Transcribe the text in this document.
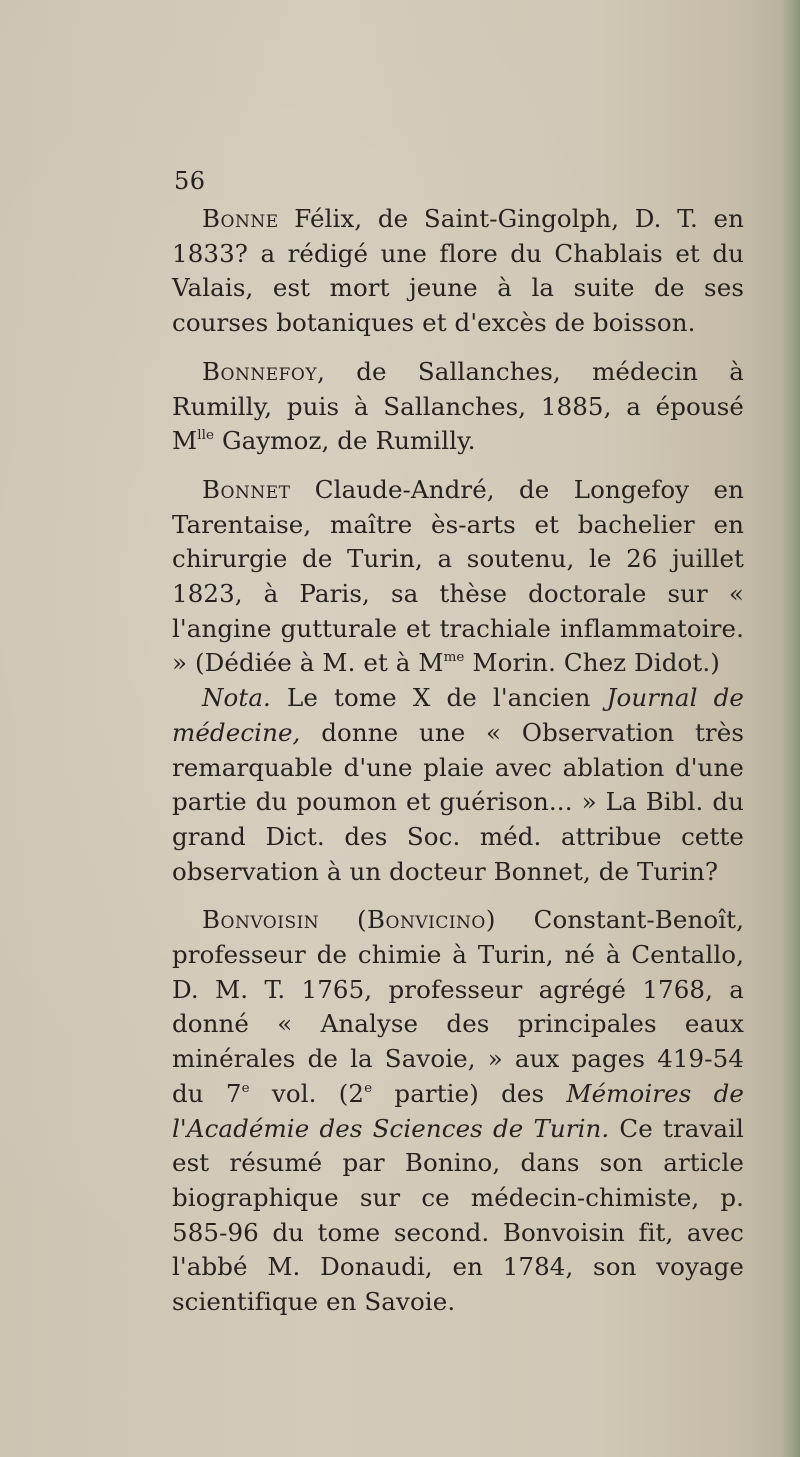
56

Bonne Félix, de Saint-Gingolph, D. T. en 1833? a rédigé une flore du Chablais et du Valais, est mort jeune à la suite de ses courses botaniques et d'excès de boisson.

Bonnefoy, de Sallanches, médecin à Rumilly, puis à Sallanches, 1885, a épousé $M^{lle}$ Gaymoz, de Rumilly.

Bonnet Claude-André, de Longefoy en Tarentaise, maître ès-arts et bachelier en chirurgie de Turin, a soutenu, le 26 juillet 1823, à Paris, sa thèse doctorale sur « l'angine gutturale et trachiale inflammatoire. » (Dédiée à M. et à $M^{me}$ Morin. Chez Didot.)

Nota. Le tome X de l'ancien Journal de médecine, donne une « Observation très remarquable d'une plaie avec ablation d'une partie du poumon et guérison... » La Bibl. du grand Dict. des Soc. méd. attribue cette observation à un docteur Bonnet, de Turin?

Bonvoisin (Bonvicino) Constant-Benoît, professeur de chimie à Turin, né à Centallo, D. M. T. 1765, professeur agrégé 1768, a donné « Analyse des principales eaux minérales de la Savoie, » aux pages 419-54 du 7e vol. (2e partie) des Mémoires de l'Académie des Sciences de Turin. Ce travail est résumé par Bonino, dans son article biographique sur ce médecin-chimiste, p. 585-96 du tome second. Bonvoisin fit, avec l'abbé M. Donaudi, en 1784, son voyage scientifique en Savoie.
